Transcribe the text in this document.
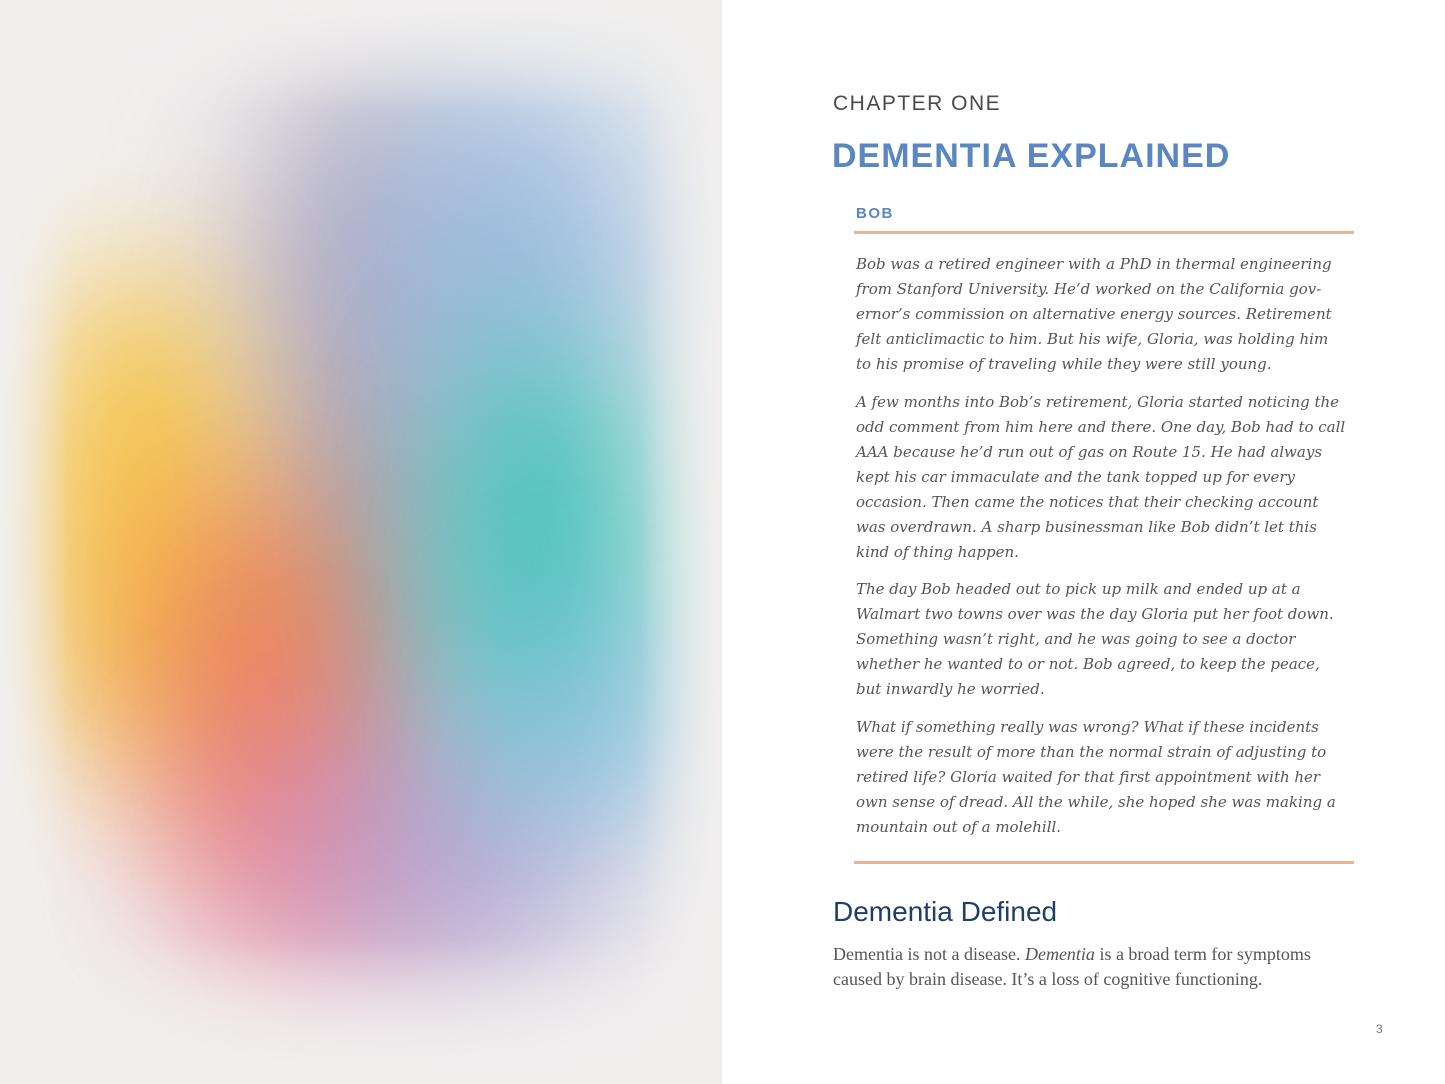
CHAPTER ONE
DEMENTIA EXPLAINED
BOB

Bob was a retired engineer with a PhD in thermal engineering from Stanford University. He’d worked on the California governor’s commission on alternative energy sources. Retirement felt anticlimactic to him. But his wife, Gloria, was holding him to his promise of traveling while they were still young.

A few months into Bob’s retirement, Gloria started noticing the odd comment from him here and there. One day, Bob had to call AAA because he’d run out of gas on Route 15. He had always kept his car immaculate and the tank topped up for every occasion. Then came the notices that their checking account was overdrawn. A sharp businessman like Bob didn’t let this kind of thing happen.

The day Bob headed out to pick up milk and ended up at a Walmart two towns over was the day Gloria put her foot down. Something wasn’t right, and he was going to see a doctor whether he wanted to or not. Bob agreed, to keep the peace, but inwardly he worried.

What if something really was wrong? What if these incidents were the result of more than the normal strain of adjusting to retired life? Gloria waited for that first appointment with her own sense of dread. All the while, she hoped she was making a mountain out of a molehill.

Dementia Defined

Dementia is not a disease. Dementia is a broad term for symptoms caused by brain disease. It’s a loss of cognitive functioning.

3
